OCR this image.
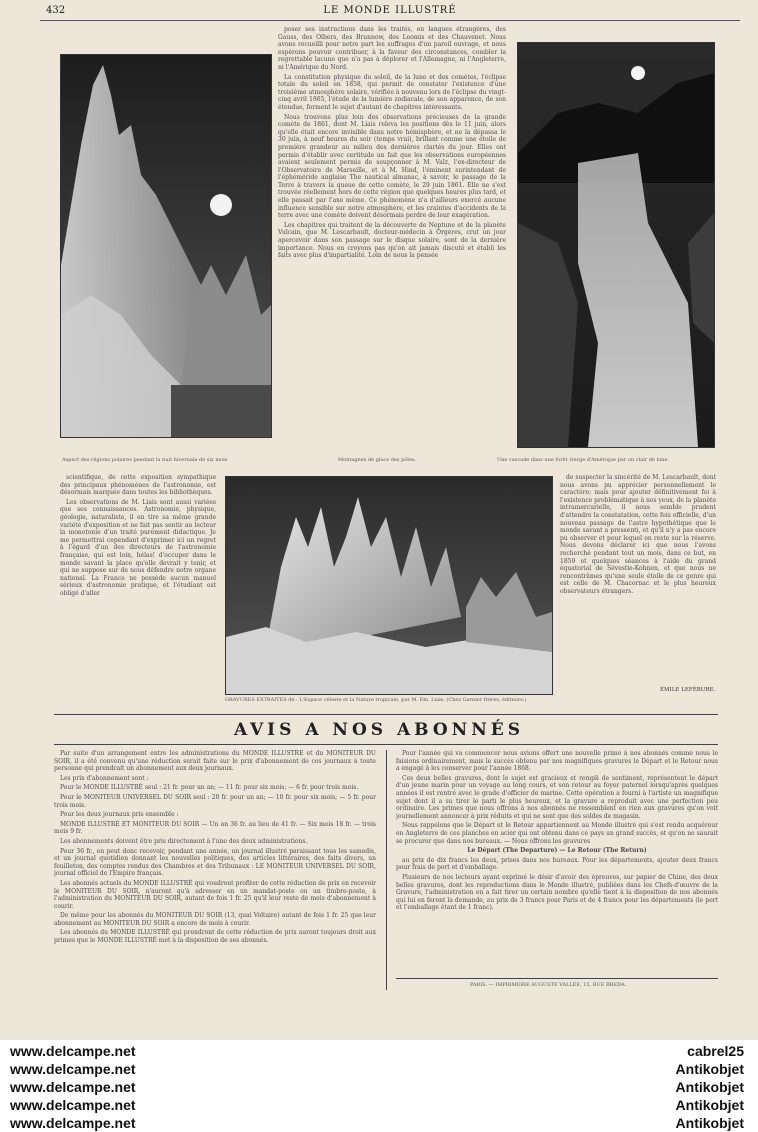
432	LE MONDE ILLUSTRÉ
Aspect des régions polaires pendant la nuit hivernale de six mois.	Une cascade dans une forêt vierge d'Amérique par un clair de lune.

poser ses instructions dans les traités, en langues étrangères, des Gauss, des Olbers, des Brunnow, des Loomis et des Chauvenet. Nous avons recueilli pour notre part les suffrages d'un pareil ouvrage, et nous espérons pouvoir contribuer, à la faveur des circonstances, combler la regrettable lacune que n'a pas à déplorer et l'Allemagne, ni l'Angleterre, ni l'Amérique du Nord.

La constitution physique du soleil, de la lune et des comètes, l'éclipse totale du soleil en 1858, qui permit de constater l'existence d'une troisième atmosphère solaire, vérifiée à nouveau lors de l'éclipse du vingt-cinq avril 1865, l'étude de la lumière zodiacale, de son apparence, de son étendue, forment le sujet d'autant de chapitres intéressants.

Nous trouvons plus loin des observations précieuses de la grande comète de 1861, dont M. Liais releva les positions dès le 11 juin, alors qu'elle était encore invisible dans notre hémisphère, et ne la dépassa le 30 juin, à neuf heures du soir (temps vrai), brillant comme une étoile de première grandeur au milieu des dernières clartés du jour. Elles ont permis d'établir avec certitude un fait que les observations européennes avaient seulement permis de soupçonner à M. Valz, l'ex-directeur de l'Observatoire de Marseille, et à M. Hind, l'éminent surintendant de l'éphéméride anglaise The nautical almanac, à savoir, le passage de la Terre à travers la queue de cette comète, le 29 juin 1861. Elle ne s'est trouvée réellement hors de cette région que quelques heures plus tard, et elle passait par l'axe même. Ce phénomène n'a d'ailleurs exercé aucune influence sensible sur notre atmosphère, et les craintes d'accidents de la terre avec une comète doivent désormais perdre de leur exagération.

Les chapitres qui traitent de la découverte de Neptune et de la planète Vulcain, que M. Lescarbault, docteur-médecin à Orgères, crut un jour apercevoir dans son passage sur le disque solaire, sont de la dernière importance. Nous en croyons pas qu'on ait jamais discuté et établi les faits avec plus d'impartialité. Loin de nous la pensée

Montagnes de glace des pôles.
GRAVURES EXTRAITES de : L'Espace céleste et la Nature tropicale, par M. Em. Liais. (Chez Garnier frères, éditeurs.)

scientifique, de cette exposition sympathique des principaux phénomènes de l'astronomie, est désormais marquée dans toutes les bibliothèques.

Les observations de M. Liais sont aussi variées que ses connaissances. Astronomie, physique, géologie, naturaliste, il en tire sa même grande variété d'exposition et ne fait pas sentir au lecteur la monotonie d'un traité purement didactique. Je me permettrai cependant d'exprimer ici un regret à l'égard d'un des directeurs de l'astronomie française, qui est loin, hélas! d'occuper dans le monde savant la place qu'elle devrait y tenir, et qui ne suppose sur de nous défendre notre organe national. La France ne possède aucun manuel sérieux d'astronomie pratique, et l'étudiant est obligé d'aller

de suspecter la sincérité de M. Lescarbault, dont nous avons pu apprécier personnellement le caractère; mais pour ajouter définitivement foi à l'existence problématique à nos yeux, de la planète intramercurielle, il nous semble prudent d'attendre la constatation, cette fois officielle, d'un nouveau passage de l'astre hypothétique que le monde savant a pressenti, et qu'il n'y a pas encore pu observer et pour lequel on reste sur la réserve. Nous devons déclarer ici que nous l'avons recherché pendant tout un mois, dans ce but, en 1859 et quelques séances à l'aide du grand équatorial de Sévestie-Kohnen, et que nous ne rencontrâmes qu'une seule étoile de ce genre qui est celle de M. Chacornac et le plus heureux observateurs étrangers.

ÉMILE LEFÉBURE.
AVIS A NOS ABONNÉS

Par suite d'un arrangement entre les administrations du MONDE ILLUSTRÉ et du MONITEUR DU SOIR, il a été convenu qu'une réduction serait faite sur le prix d'abonnement de ces journaux à toute personne qui prendrait un abonnement aux deux journaux.

Les prix d'abonnement sont :

Pour le MONDE ILLUSTRÉ seul : 21 fr. pour un an; — 11 fr. pour six mois; — 6 fr. pour trois mois.

Pour le MONITEUR UNIVERSEL DU SOIR seul : 20 fr. pour un an; — 10 fr. pour six mois; — 5 fr. pour trois mois.

Pour les deux journaux pris ensemble :

MONDE ILLUSTRÉ ET MONITEUR DU SOIR — Un an 36 fr. au lieu de 41 fr. — Six mois 18 fr. — trois mois 9 fr.

Les abonnements doivent être pris directement à l'une des deux administrations.

Pour 36 fr., en peut donc recevoir, pendant une année, un journal illustré paraissant tous les samedis, et un journal quotidien donnant les nouvelles politiques, des articles littéraires, des faits divers, un feuilleton, des comptes rendus des Chambres et des Tribunaux : LE MONITEUR UNIVERSEL DU SOIR, journal officiel de l'Empire français.

Les abonnés actuels du MONDE ILLUSTRÉ qui voudront profiter de cette réduction de prix en recevoir le MONITEUR DU SOIR, n'auront qu'à adresser en un mandat-poste ou un timbre-poste, à l'administration du MONITEUR DU SOIR, autant de fois 1 fr. 25 qu'il leur reste de mois d'abonnement à courir.

De même pour les abonnés du MONITEUR DU SOIR (13, quai Voltaire) autant de fois 1 fr. 25 que leur abonnement au MONITEUR DU SOIR a encore de mois à courir.

Les abonnés du MONDE ILLUSTRÉ qui prendront de cette réduction de prix auront toujours droit aux primes que le MONDE ILLUSTRÉ met à la disposition de ses abonnés.

Pour l'année qui va commencer nous avions offert une nouvelle prime à nos abonnés comme nous le faisions ordinairement, mais le succès obtenu par nos magnifiques gravures le Départ et le Retour nous a engagé à les conserver pour l'année 1868.

Ces deux belles gravures, dont le sujet est gracieux et rempli de sentiment, représentent le départ d'un jeune marin pour un voyage au long cours, et son retour au foyer paternel lorsqu'après quelques années il est rentré avec le grade d'officier de marine. Cette opération a fourni à l'artiste un magnifique sujet dont il a su tirer le parti le plus heureux, et la gravure a reproduit avec une perfection peu ordinaire. Les primes que nous offrons à nos abonnés ne ressemblent en rien aux gravures qu'on voit journellement annoncer à prix réduits et qui ne sont que des soldes de magasin.

Nous rappelons que le Départ et le Retour appartiennent au Monde illustré qui s'est rendu acquéreur en Angleterre de ces planches en acier qui ont obtenu dans ce pays un grand succès, et qu'on ne saurait se procurer que dans nos bureaux. — Nous offrons les gravures

Le Départ (The Departure) — Le Retour (The Return)

au prix de dix francs les deux, prises dans nos bureaux. Pour les départements, ajouter deux francs pour frais de port et d'emballage.

Plusieurs de nos lecteurs ayant exprimé le désir d'avoir des épreuves, sur papier de Chine, des deux belles gravures, dont les reproductions dans le Monde illustré, publiées dans les Chefs-d'œuvre de la Gravure, l'administration en a fait tirer un certain nombre qu'elle tient à la disposition de nos abonnés qui lui en feront la demande, au prix de 3 francs pour Paris et de 4 francs pour les départements (le port et l'emballage étant de 1 franc).

PARIS. — IMPRIMERIE AUGUSTE VALLÉE, 15, RUE BREDA.
www.delcampe.net
www.delcampe.net
www.delcampe.net
www.delcampe.net
www.delcampe.net
cabrel25
Antikobjet
Antikobjet
Antikobjet
Antikobjet
